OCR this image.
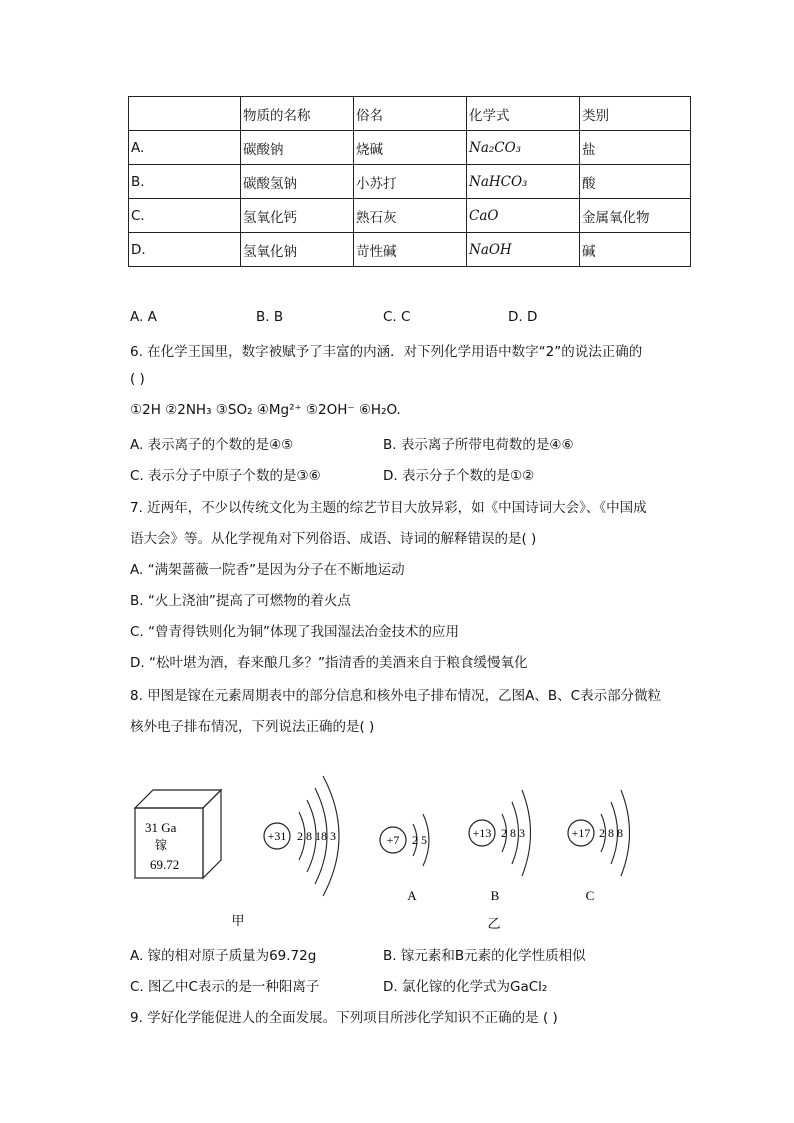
	物质的名称	俗名	化学式	类别
A.	碳酸钠	烧碱	Na₂CO₃	盐
B.	碳酸氢钠	小苏打	NaHCO₃	酸
C.	氢氧化钙	熟石灰	CaO	金属氧化物
D.	氢氧化钠	苛性碱	NaOH	碱
A. A	B. B	C. C	D. D
6. 在化学王国里，数字被赋予了丰富的内涵．对下列化学用语中数字“2”的说法正确的
( )
①2H ②2NH₃ ③SO₂ ④Mg²⁺ ⑤2OH⁻ ⑥H₂O.
A. 表示离子的个数的是④⑤	B. 表示离子所带电荷数的是④⑥
C. 表示分子中原子个数的是③⑥	D. 表示分子个数的是①②
7. 近两年，不少以传统文化为主题的综艺节目大放异彩，如《中国诗词大会》、《中国成
语大会》等。从化学视角对下列俗语、成语、诗词的解释错误的是( )
A. “满架蔷薇一院香”是因为分子在不断地运动
B. “火上浇油”提高了可燃物的着火点
C. “曾青得铁则化为铜”体现了我国湿法冶金技术的应用
D. “松叶堪为酒，春来酿几多？”指清香的美酒来自于粮食缓慢氧化
8. 甲图是镓在元素周期表中的部分信息和核外电子排布情况，乙图A、B、C表示部分微粒
核外电子排布情况，下列说法正确的是( )
31 Ga
镓
69.72
+31 2 8 18 3	+7 2 5
A
+13 2 8 3
B
+17 2 8 8
C
甲	乙
A. 镓的相对原子质量为69.72g	B. 镓元素和B元素的化学性质相似
C. 图乙中C表示的是一种阳离子	D. 氯化镓的化学式为GaCl₂
9. 学好化学能促进人的全面发展。下列项目所涉化学知识不正确的是 ( )
